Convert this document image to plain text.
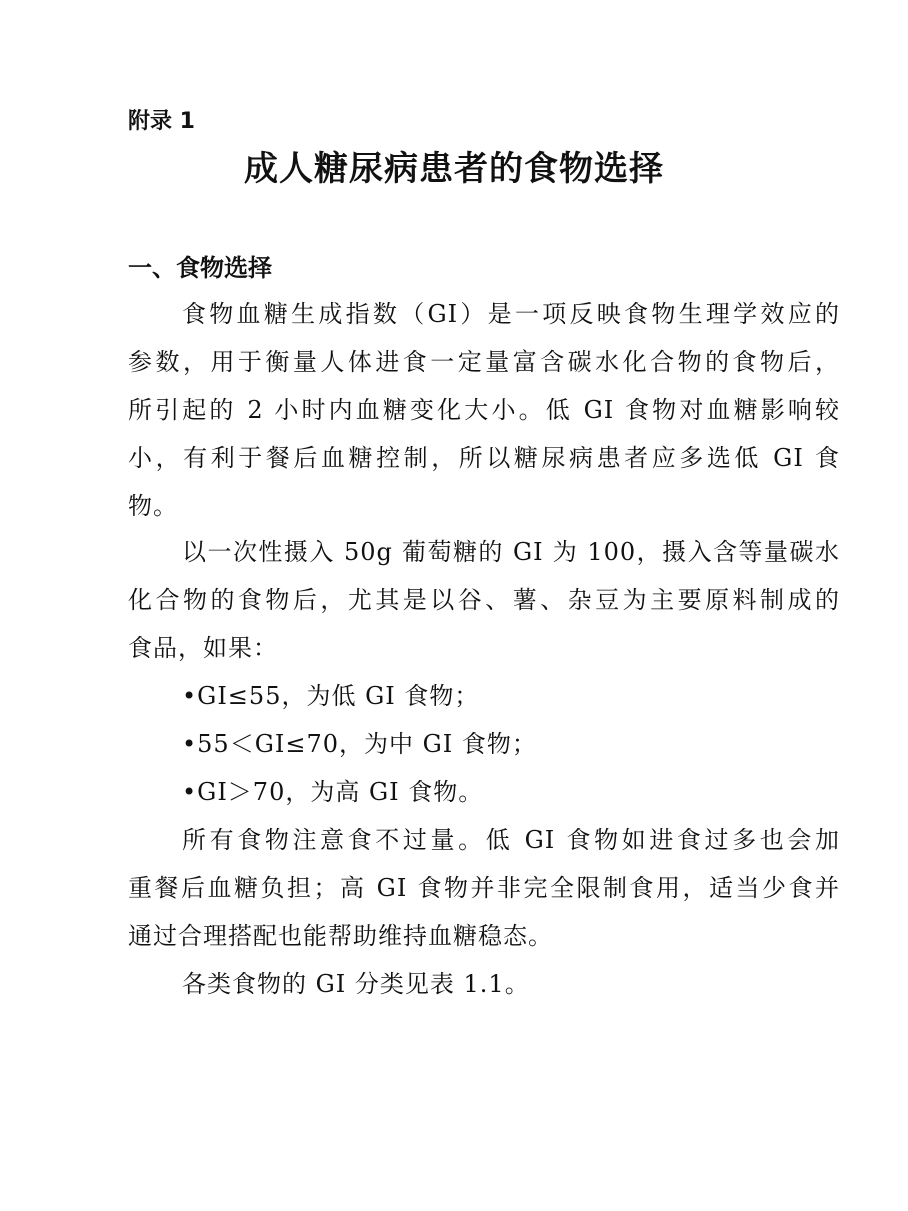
附录 1
成人糖尿病患者的食物选择
一、食物选择
食物血糖生成指数（GI）是一项反映食物生理学效应的
参数，用于衡量人体进食一定量富含碳水化合物的食物后，
所引起的 2 小时内血糖变化大小。低 GI 食物对血糖影响较
小，有利于餐后血糖控制，所以糖尿病患者应多选低 GI 食
物。
以一次性摄入 50g 葡萄糖的 GI 为 100，摄入含等量碳水
化合物的食物后，尤其是以谷、薯、杂豆为主要原料制成的
食品，如果：
•GI≤55，为低 GI 食物；
•55＜GI≤70，为中 GI 食物；
•GI＞70，为高 GI 食物。
所有食物注意食不过量。低 GI 食物如进食过多也会加
重餐后血糖负担；高 GI 食物并非完全限制食用，适当少食并
通过合理搭配也能帮助维持血糖稳态。
各类食物的 GI 分类见表 1.1。
